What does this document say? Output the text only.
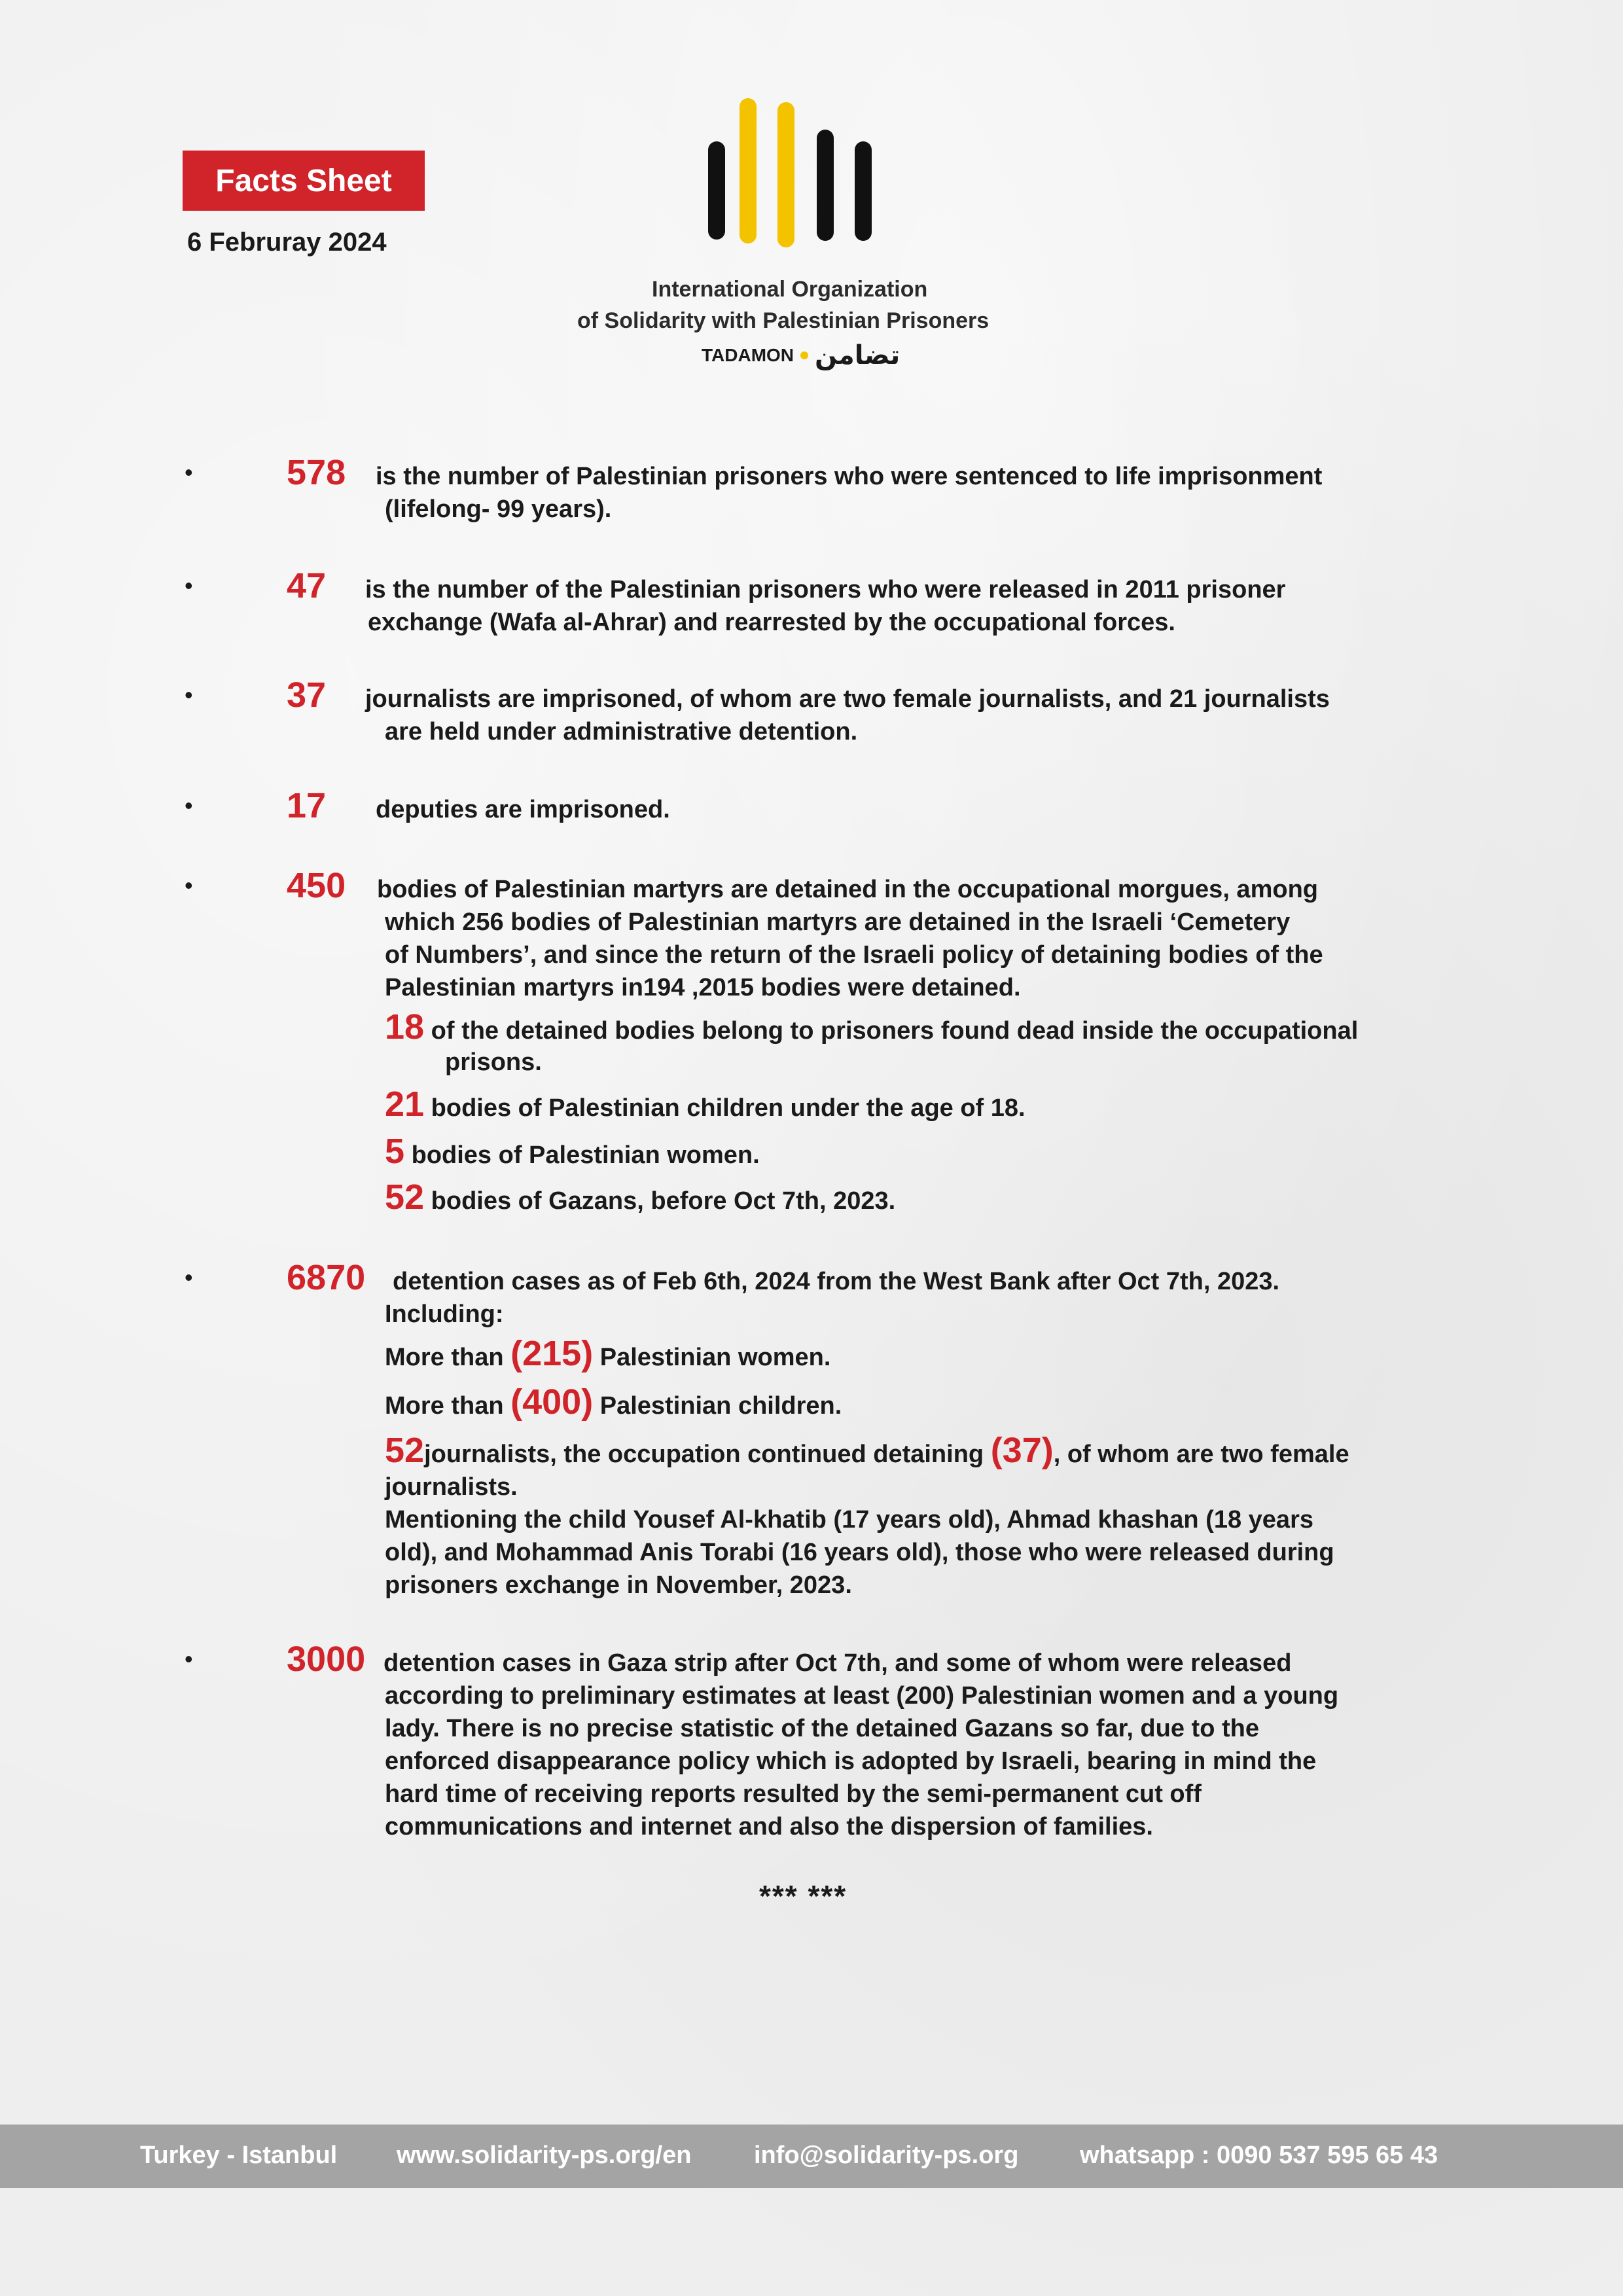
Facts Sheet
6 Februray 2024
International Organization
of Solidarity with Palestinian Prisoners
TADAMON تضامن
•	578 is the number of Palestinian prisoners who were sentenced to life imprisonment
(lifelong- 99 years).
•	47 is the number of the Palestinian prisoners who were released in 2011 prisoner
exchange (Wafa al-Ahrar) and rearrested by the occupational forces.
•	37 journalists are imprisoned, of whom are two female journalists, and 21 journalists
are held under administrative detention.
•	17 deputies are imprisoned.
•	450 bodies of Palestinian martyrs are detained in the occupational morgues, among
which 256 bodies of Palestinian martyrs are detained in the Israeli ‘Cemetery
of Numbers’, and since the return of the Israeli policy of detaining bodies of the
Palestinian martyrs in194 ,2015 bodies were detained.
18 of the detained bodies belong to prisoners found dead inside the occupational
prisons.
21 bodies of Palestinian children under the age of 18.
5 bodies of Palestinian women.
52 bodies of Gazans, before Oct 7th, 2023.
•	6870 detention cases as of Feb 6th, 2024 from the West Bank after Oct 7th, 2023.
Including:
More than (215) Palestinian women.
More than (400) Palestinian children.
52journalists, the occupation continued detaining (37), of whom are two female
journalists.
Mentioning the child Yousef Al-khatib (17 years old), Ahmad khashan (18 years
old), and Mohammad Anis Torabi (16 years old), those who were released during
prisoners exchange in November, 2023.
•	3000 detention cases in Gaza strip after Oct 7th, and some of whom were released
according to preliminary estimates at least (200) Palestinian women and a young
lady. There is no precise statistic of the detained Gazans so far, due to the
enforced disappearance policy which is adopted by Israeli, bearing in mind the
hard time of receiving reports resulted by the semi-permanent cut off
communications and internet and also the dispersion of families.
*** ***
Turkey - Istanbul www.solidarity-ps.org/en	info@solidarity-ps.org whatsapp : 0090 537 595 65 43
